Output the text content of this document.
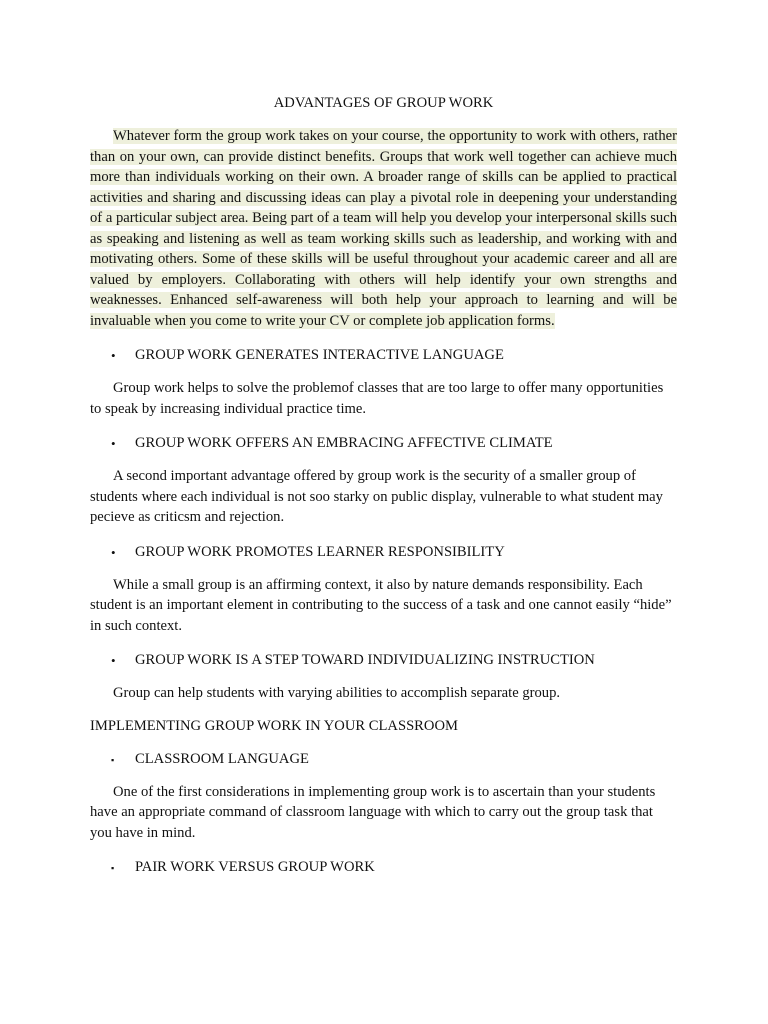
ADVANTAGES OF GROUP WORK

Whatever form the group work takes on your course, the opportunity to work with others, rather than on your own, can provide distinct benefits. Groups that work well together can achieve much more than individuals working on their own. A broader range of skills can be applied to practical activities and sharing and discussing ideas can play a pivotal role in deepening your understanding of a particular subject area. Being part of a team will help you develop your interpersonal skills such as speaking and listening as well as team working skills such as leadership, and working with and motivating others. Some of these skills will be useful throughout your academic career and all are valued by employers. Collaborating with others will help identify your own strengths and weaknesses. Enhanced self-awareness will both help your approach to learning and will be invaluable when you come to write your CV or complete job application forms.

• GROUP WORK GENERATES INTERACTIVE LANGUAGE

Group work helps to solve the problemof classes that are too large to offer many opportunities to speak by increasing individual practice time.

• GROUP WORK OFFERS AN EMBRACING AFFECTIVE CLIMATE

A second important advantage offered by group work is the security of a smaller group of students where each individual is not soo starky on public display, vulnerable to what student may pecieve as criticsm and rejection.

• GROUP WORK PROMOTES LEARNER RESPONSIBILITY

While a small group is an affirming context, it also by nature demands responsibility. Each student is an important element in contributing to the success of a task and one cannot easily “hide” in such context.

• GROUP WORK IS A STEP TOWARD INDIVIDUALIZING INSTRUCTION

Group can help students with varying abilities to accomplish separate group.

IMPLEMENTING GROUP WORK IN YOUR CLASSROOM
▪ CLASSROOM LANGUAGE

One of the first considerations in implementing group work is to ascertain than your students have an appropriate command of classroom language with which to carry out the group task that you have in mind.

▪ PAIR WORK VERSUS GROUP WORK
